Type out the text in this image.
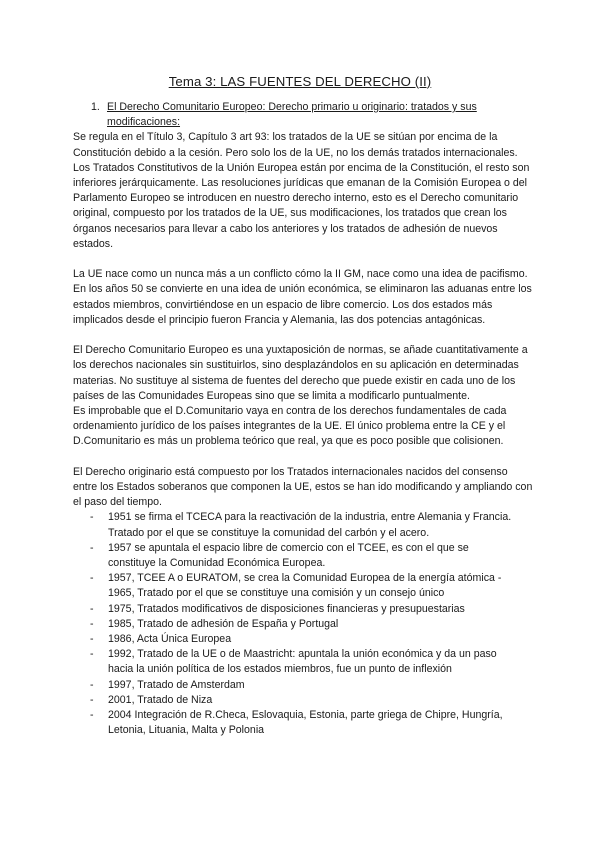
Tema 3: LAS FUENTES DEL DERECHO (II)
1. El Derecho Comunitario Europeo: Derecho primario u originario: tratados y sus modificaciones:

Se regula en el Título 3, Capítulo 3 art 93: los tratados de la UE se sitúan por encima de la Constitución debido a la cesión. Pero solo los de la UE, no los demás tratados internacionales.

Los Tratados Constitutivos de la Unión Europea están por encima de la Constitución, el resto son inferiores jerárquicamente. Las resoluciones jurídicas que emanan de la Comisión Europea o del Parlamento Europeo se introducen en nuestro derecho interno, esto es el Derecho comunitario original, compuesto por los tratados de la UE, sus modificaciones, los tratados que crean los órganos necesarios para llevar a cabo los anteriores y los tratados de adhesión de nuevos estados.

La UE nace como un nunca más a un conflicto cómo la II GM, nace como una idea de pacifismo. En los años 50 se convierte en una idea de unión económica, se eliminaron las aduanas entre los estados miembros, convirtiéndose en un espacio de libre comercio. Los dos estados más implicados desde el principio fueron Francia y Alemania, las dos potencias antagónicas.

El Derecho Comunitario Europeo es una yuxtaposición de normas, se añade cuantitativamente a los derechos nacionales sin sustituirlos, sino desplazándolos en su aplicación en determinadas materias. No sustituye al sistema de fuentes del derecho que puede existir en cada uno de los países de las Comunidades Europeas sino que se limita a modificarlo puntualmente.

Es improbable que el D.Comunitario vaya en contra de los derechos fundamentales de cada ordenamiento jurídico de los países integrantes de la UE. El único problema entre la CE y el D.Comunitario es más un problema teórico que real, ya que es poco posible que colisionen.

El Derecho originario está compuesto por los Tratados internacionales nacidos del consenso entre los Estados soberanos que componen la UE, estos se han ido modificando y ampliando con el paso del tiempo.

-	1951 se firma el TCECA para la reactivación de la industria, entre Alemania y Francia. Tratado por el que se constituye la comunidad del carbón y el acero.
-	1957 se apuntala el espacio libre de comercio con el TCEE, es con el que se constituye la Comunidad Económica Europea.
-	1957, TCEE A o EURATOM, se crea la Comunidad Europea de la energía atómica - 1965, Tratado por el que se constituye una comisión y un consejo único
-	1975, Tratados modificativos de disposiciones financieras y presupuestarias
-	1985, Tratado de adhesión de España y Portugal
-	1986, Acta Única Europea
-	1992, Tratado de la UE o de Maastricht: apuntala la unión económica y da un paso hacia la unión política de los estados miembros, fue un punto de inflexión
-	1997, Tratado de Amsterdam
-	2001, Tratado de Niza
-	2004 Integración de R.Checa, Eslovaquia, Estonia, parte griega de Chipre, Hungría, Letonia, Lituania, Malta y Polonia
